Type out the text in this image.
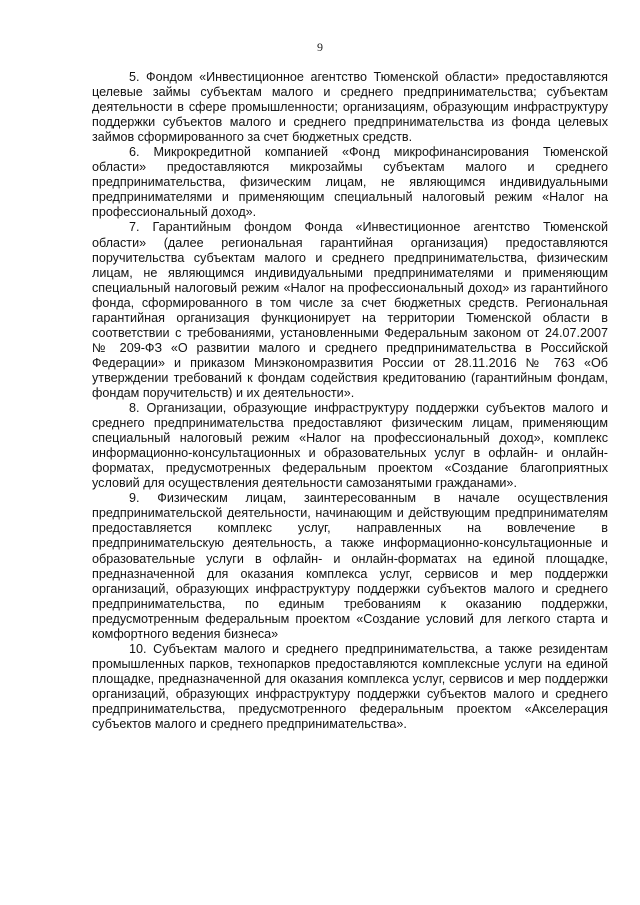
9

5. Фондом «Инвестиционное агентство Тюменской области» предоставляются целевые займы субъектам малого и среднего предпринимательства; субъектам деятельности в сфере промышленности; организациям, образующим инфраструктуру поддержки субъектов малого и среднего предпринимательства из фонда целевых займов сформированного за счет бюджетных средств.

6. Микрокредитной компанией «Фонд микрофинансирования Тюменской области» предоставляются микрозаймы субъектам малого и среднего предпринимательства, физическим лицам, не являющимся индивидуальными предпринимателями и применяющим специальный налоговый режим «Налог на профессиональный доход».

7. Гарантийным фондом Фонда «Инвестиционное агентство Тюменской области» (далее региональная гарантийная организация) предоставляются поручительства субъектам малого и среднего предпринимательства, физическим лицам, не являющимся индивидуальными предпринимателями и применяющим специальный налоговый режим «Налог на профессиональный доход» из гарантийного фонда, сформированного в том числе за счет бюджетных средств. Региональная гарантийная организация функционирует на территории Тюменской области в соответствии с требованиями, установленными Федеральным законом от 24.07.2007 № 209-ФЗ «О развитии малого и среднего предпринимательства в Российской Федерации» и приказом Минэкономразвития России от 28.11.2016 № 763 «Об утверждении требований к фондам содействия кредитованию (гарантийным фондам, фондам поручительств) и их деятельности».

8. Организации, образующие инфраструктуру поддержки субъектов малого и среднего предпринимательства предоставляют физическим лицам, применяющим специальный налоговый режим «Налог на профессиональный доход», комплекс информационно-консультационных и образовательных услуг в офлайн- и онлайн-форматах, предусмотренных федеральным проектом «Создание благоприятных условий для осуществления деятельности самозанятыми гражданами».

9. Физическим лицам, заинтересованным в начале осуществления предпринимательской деятельности, начинающим и действующим предпринимателям предоставляется комплекс услуг, направленных на вовлечение в предпринимательскую деятельность, а также информационно-консультационные и образовательные услуги в офлайн- и онлайн-форматах на единой площадке, предназначенной для оказания комплекса услуг, сервисов и мер поддержки организаций, образующих инфраструктуру поддержки субъектов малого и среднего предпринимательства, по единым требованиям к оказанию поддержки, предусмотренным федеральным проектом «Создание условий для легкого старта и комфортного ведения бизнеса»

10. Субъектам малого и среднего предпринимательства, а также резидентам промышленных парков, технопарков предоставляются комплексные услуги на единой площадке, предназначенной для оказания комплекса услуг, сервисов и мер поддержки организаций, образующих инфраструктуру поддержки субъектов малого и среднего предпринимательства, предусмотренного федеральным проектом «Акселерация субъектов малого и среднего предпринимательства».
